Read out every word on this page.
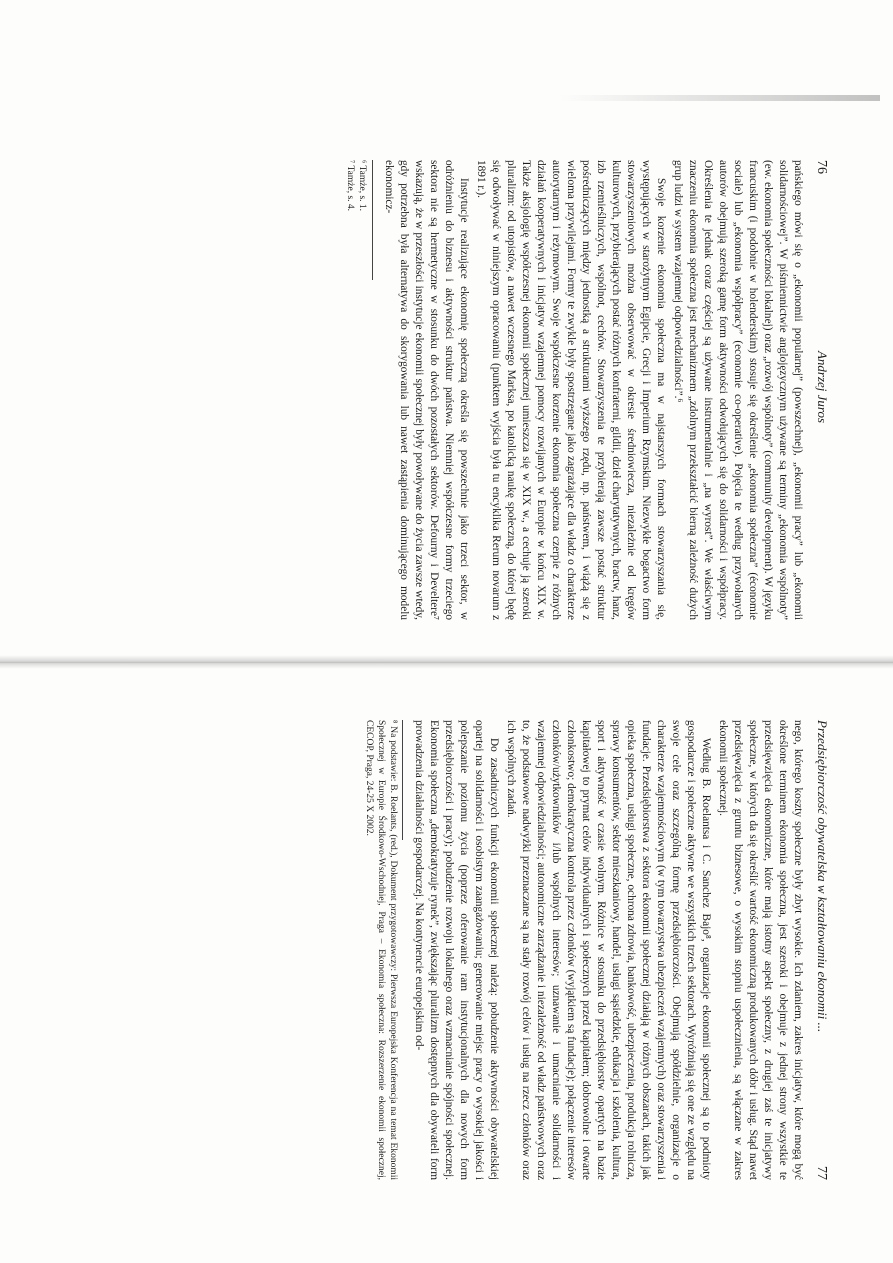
76
Andrzej Juros

pańskiego mówi się o „ekonomii popularnej” (powszechnej), „ekonomii pracy” lub „ekonomii solidarnościowej”. W piśmiennictwie anglojęzycznym używane są terminy „ekonomia wspólnoty” (ew. ekonomia społeczności lokalnej) oraz „rozwój wspólnoty” (community development). W języku francuskim (i podobnie w holenderskim) stosuje się określenie „ekonomia społeczna” (économie sociale) lub „ekonomia współpracy” (economie co-operative). Pojęcia te według przywołanych autorów obejmują szeroką gamę form aktywności odwołujących się do solidarności i współpracy. Określenia te jednak coraz częściej są używane instrumentalnie i „na wyrost”. We właściwym znaczeniu ekonomia społeczna jest mechanizmem „zdolnym przekształcić bierną zależność dużych grup ludzi w system wzajemnej odpowiedzialności”.⁶

Swoje korzenie ekonomia społeczna ma w najstarszych formach stowarzyszania się, występujących w starożytnym Egipcie, Grecji i Imperium Rzymskim. Niezwykłe bogactwo form stowarzyszeniowych można obserwować w okresie średniowiecza, niezależnie od kręgów kulturowych, przybierających postać różnych konfraterni, gildii, dzieł charytatywnych, bractw, hanz, izb rzemieślniczych, wspólnot, cechów. Stowarzyszenia te przybierają zawsze postać struktur pośredniczących między jednostką a strukturami wyższego rzędu, np. państwem, i wiążą się z wieloma przywilejami. Formy te zwykle były spostrzegane jako zagrażające dla władz o charakterze autorytarnym i reżymowym. Swoje współczesne korzenie ekonomia społeczna czerpie z różnych działań kooperatywnych i inicjatyw wzajemnej pomocy rozwijanych w Europie w końcu XIX w. Także aksjologię współczesnej ekonomii społecznej umieszcza się w XIX w., a cechuje ją szeroki pluralizm: od utopistów, a nawet wczesnego Marksa, po katolicką naukę społeczną, do której będę się odwoływać w niniejszym opracowaniu (punktem wyjścia była tu encyklika Rerum novarum z 1891 r.).

Instytucje realizujące ekonomię społeczną określa się powszechnie jako trzeci sektor, w odróżnieniu do biznesu i aktywności struktur państwa. Niemniej współczesne formy trzeciego sektora nie są hermetyczne w stosunku do dwóch pozostałych sektorów. Defourny i Develtere⁷ wskazują, że w przeszłości instytucje ekonomii społecznej były powoływane do życia zawsze wtedy, gdy potrzebna była alternatywa do skorygowania lub nawet zastąpienia dominującego modelu ekonomicz-

⁶ Tamże, s. 1.
⁷ Tamże, s. 4.
Przedsiębiorczość obywatelska w kształtowaniu ekonomii ...
77

nego, którego koszty społeczne były zbyt wysokie. Ich zdaniem, zakres inicjatyw, które mogą być określone terminem ekonomia społeczna, jest szeroki i obejmuje z jednej strony wszystkie te przedsięwzięcia ekonomiczne, które mają istotny aspekt społeczny, z drugiej zaś te inicjatywy społeczne, w których da się określić wartość ekonomiczną produkowanych dóbr i usług. Stąd nawet przedsięwzięcia z gruntu biznesowe, o wysokim stopniu uspołecznienia, są włączane w zakres ekonomii społecznej.

Według B. Roelantsa i C. Sanchez Bajo⁸, organizacje ekonomii społecznej są to podmioty gospodarcze i społeczne aktywne we wszystkich trzech sektorach. Wyróżniają się one ze względu na swoje cele oraz szczególną formę przedsiębiorczości. Obejmują spółdzielnie, organizacje o charakterze wzajemnościowym (w tym towarzystwa ubezpieczeń wzajemnych) oraz stowarzyszenia i fundacje. Przedsiębiorstwa z sektora ekonomii społecznej działają w różnych obszarach, takich jak opieka społeczna, usługi społeczne, ochrona zdrowia, bankowość, ubezpieczenia, produkcja rolnicza, sprawy konsumentów, sektor mieszkaniowy, handel, usługi sąsiedzkie, edukacja i szkolenia, kultura, sport i aktywność w czasie wolnym. Różnice w stosunku do przedsiębiorstw opartych na bazie kapitałowej to prymat celów indywidualnych i społecznych przed kapitałem; dobrowolne i otwarte członkostwo; demokratyczna kontrola przez członków (wyjątkiem są fundacje); połączenie interesów członków/użytkowników i/lub wspólnych interesów; uznawanie i umacnianie solidarności i wzajemnej odpowiedzialności; autonomiczne zarządzanie i niezależność od władz państwowych oraz to, że podstawowe nadwyżki przeznaczane są na stały rozwój celów i usług na rzecz członków oraz ich wspólnych zadań.

Do zasadniczych funkcji ekonomii społecznej należą: pobudzenie aktywności obywatelskiej opartej na solidarności i osobistym zaangażowaniu; generowanie miejsc pracy o wysokiej jakości i polepszanie poziomu życia (poprzez oferowanie ram instytucjonalnych dla nowych form przedsiębiorczości i pracy); pobudzenie rozwoju lokalnego oraz wzmacnianie spójności społecznej. Ekonomia społeczna „demokratyzuje rynek”, zwiększając pluralizm dostępnych dla obywateli form prowadzenia działalności gospodarczej. Na kontynencie europejskim od-

⁸ Na podstawie: B. Roelants, (red.), Dokument przygotowawczy: Pierwsza Europejska Konferencja na temat Ekonomii Społecznej w Europie Środkowo-Wschodniej, Praga – Ekonomia społeczna: Rozszerzenie ekonomii społecznej, CECOP, Praga, 24-25 X 2002.
